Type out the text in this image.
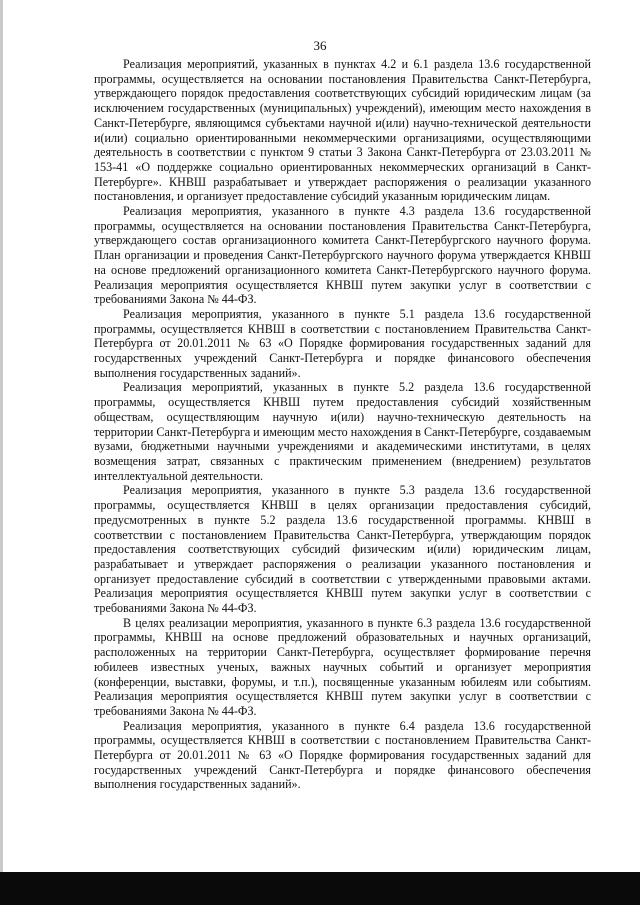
36

Реализация мероприятий, указанных в пунктах 4.2 и 6.1 раздела 13.6 государственной программы, осуществляется на основании постановления Правительства Санкт-Петербурга, утверждающего порядок предоставления соответствующих субсидий юридическим лицам (за исключением государственных (муниципальных) учреждений), имеющим место нахождения в Санкт-Петербурге, являющимся субъектами научной и(или) научно-технической деятельности и(или) социально ориентированными некоммерческими организациями, осуществляющими деятельность в соответствии с пунктом 9 статьи 3 Закона Санкт-Петербурга от 23.03.2011 № 153-41 «О поддержке социально ориентированных некоммерческих организаций в Санкт-Петербурге». КНВШ разрабатывает и утверждает распоряжения о реализации указанного постановления, и организует предоставление субсидий указанным юридическим лицам.

Реализация мероприятия, указанного в пункте 4.3 раздела 13.6 государственной программы, осуществляется на основании постановления Правительства Санкт-Петербурга, утверждающего состав организационного комитета Санкт-Петербургского научного форума. План организации и проведения Санкт-Петербургского научного форума утверждается КНВШ на основе предложений организационного комитета Санкт-Петербургского научного форума. Реализация мероприятия осуществляется КНВШ путем закупки услуг в соответствии с требованиями Закона № 44-ФЗ.

Реализация мероприятия, указанного в пункте 5.1 раздела 13.6 государственной программы, осуществляется КНВШ в соответствии с постановлением Правительства Санкт-Петербурга от 20.01.2011 № 63 «О Порядке формирования государственных заданий для государственных учреждений Санкт-Петербурга и порядке финансового обеспечения выполнения государственных заданий».

Реализация мероприятий, указанных в пункте 5.2 раздела 13.6 государственной программы, осуществляется КНВШ путем предоставления субсидий хозяйственным обществам, осуществляющим научную и(или) научно-техническую деятельность на территории Санкт-Петербурга и имеющим место нахождения в Санкт-Петербурге, создаваемым вузами, бюджетными научными учреждениями и академическими институтами, в целях возмещения затрат, связанных с практическим применением (внедрением) результатов интеллектуальной деятельности.

Реализация мероприятия, указанного в пункте 5.3 раздела 13.6 государственной программы, осуществляется КНВШ в целях организации предоставления субсидий, предусмотренных в пункте 5.2 раздела 13.6 государственной программы. КНВШ в соответствии с постановлением Правительства Санкт-Петербурга, утверждающим порядок предоставления соответствующих субсидий физическим и(или) юридическим лицам, разрабатывает и утверждает распоряжения о реализации указанного постановления и организует предоставление субсидий в соответствии с утвержденными правовыми актами. Реализация мероприятия осуществляется КНВШ путем закупки услуг в соответствии с требованиями Закона № 44-ФЗ.

В целях реализации мероприятия, указанного в пункте 6.3 раздела 13.6 государственной программы, КНВШ на основе предложений образовательных и научных организаций, расположенных на территории Санкт-Петербурга, осуществляет формирование перечня юбилеев известных ученых, важных научных событий и организует мероприятия (конференции, выставки, форумы, и т.п.), посвященные указанным юбилеям или событиям. Реализация мероприятия осуществляется КНВШ путем закупки услуг в соответствии с требованиями Закона № 44-ФЗ.

Реализация мероприятия, указанного в пункте 6.4 раздела 13.6 государственной программы, осуществляется КНВШ в соответствии с постановлением Правительства Санкт-Петербурга от 20.01.2011 № 63 «О Порядке формирования государственных заданий для государственных учреждений Санкт-Петербурга и порядке финансового обеспечения выполнения государственных заданий».
